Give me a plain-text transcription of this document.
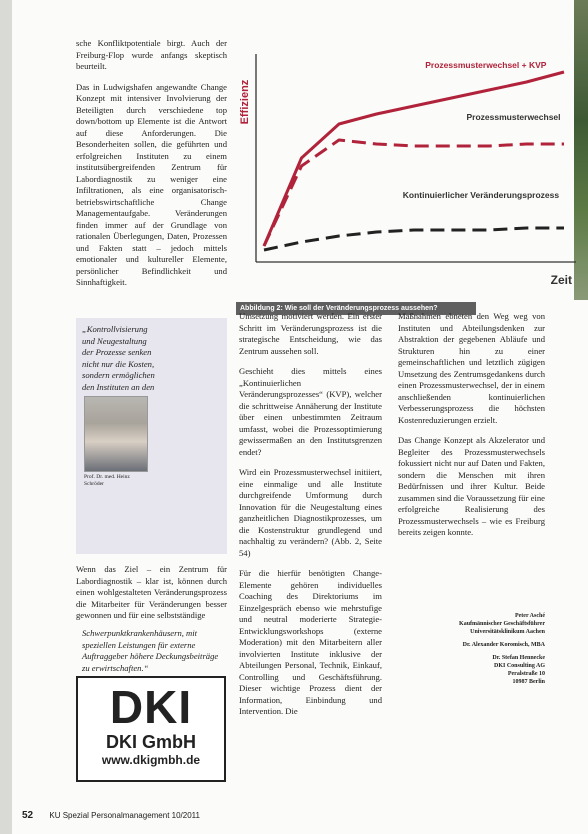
sche Konfliktpotentiale birgt. Auch der Freiburg-Flop wurde anfangs skeptisch beurteilt.

Das in Ludwigshafen angewandte Change Konzept mit intensiver Involvierung der Beteiligten durch verschiedene top down/bottom up Elemente ist die Antwort auf diese Anforderungen. Die Besonderheiten sollen, die geführten und erfolgreichen Instituten zu einem institutsübergreifenden Zentrum für Labordiagnostik zu weniger eine Infiltrationen, als eine organisatorisch-betriebswirtschaftliche Change Managementaufgabe. Veränderungen finden immer auf der Grundlage von rationalen Überlegungen, Daten, Prozessen und Fakten statt – jedoch mittels emotionaler und kultureller Elemente, persönlicher Befindlichkeit und Sinnhaftigkeit.

Effizienz
Zeit
Prozessmusterwechsel + KVP
Prozessmusterwechsel
Kontinuierlicher Veränderungsprozess
Abbildung 2: Wie soll der Veränderungsprozess aussehen?
„Kontrollvisierung und Neugestaltung der Prozesse senken nicht nur die Kosten, sondern ermöglichen den Instituten an den Schwerpunktkrankenhäusern, mit speziellen Leistungen für externe Auftraggeber höhere Deckungsbeiträge zu erwirtschaften.“
Prof. Dr. med. Heinz Schröder

Wenn das Ziel – ein Zentrum für Labordiagnostik – klar ist, können durch einen wohlgestalteten Veränderungsprozess die Mitarbeiter für Veränderungen besser gewonnen und für eine selbstständige

Umsetzung motiviert werden. Ein erster Schritt im Veränderungsprozess ist die strategische Entscheidung, wie das Zentrum aussehen soll.

Geschieht dies mittels eines „Kontinuierlichen Veränderungsprozesses“ (KVP), welcher die schrittweise Annäherung der Institute über einen unbestimmten Zeitraum umfasst, wobei die Prozessoptimierung gewissermaßen an den Institutsgrenzen endet?

Wird ein Prozessmusterwechsel initiiert, eine einmalige und alle Institute durchgreifende Umformung durch Innovation für die Neugestaltung eines ganzheitlichen Diagnostikprozesses, um die Kostenstruktur grundlegend und nachhaltig zu verändern? (Abb. 2, Seite 54)

Für die hierfür benötigten Change-Elemente gehören individuelles Coaching des Direktoriums im Einzelgespräch ebenso wie mehrstufige und neutral moderierte Strategie-Entwicklungsworkshops (externe Moderation) mit den Mitarbeitern aller involvierten Institute inklusive der Abteilungen Personal, Technik, Einkauf, Controlling und Geschäftsführung. Dieser wichtige Prozess dient der Information, Einbindung und Intervention. Die

Maßnahmen ebneten den Weg weg von Instituten und Abteilungsdenken zur Abstraktion der gegebenen Abläufe und Strukturen hin zu einer gemeinschaftlichen und letztlich zügigen Umsetzung des Zentrumsgedankens durch einen Prozessmusterwechsel, der in einem anschließenden kontinuierlichen Verbesserungsprozess die höchsten Kostenreduzierungen erzielt.

Das Change Konzept als Akzelerator und Begleiter des Prozessmusterwechsels fokussiert nicht nur auf Daten und Fakten, sondern die Menschen mit ihren Bedürfnissen und ihrer Kultur. Beide zusammen sind die Voraussetzung für eine erfolgreiche Realisierung des Prozessmusterwechsels – wie es Freiburg bereits zeigen konnte.

Peter Asché
Kaufmännischer Geschäftsführer
Universitätsklinikum Aachen

Dr. Alexander Koromisch, MBA

Dr. Stefan Hennecke
DKI Consulting AG
Peralstraße 10
10987 Berlin

DKI
DKI GmbH
www.dkigmbh.de
52 KU Spezial Personalmanagement 10/2011
